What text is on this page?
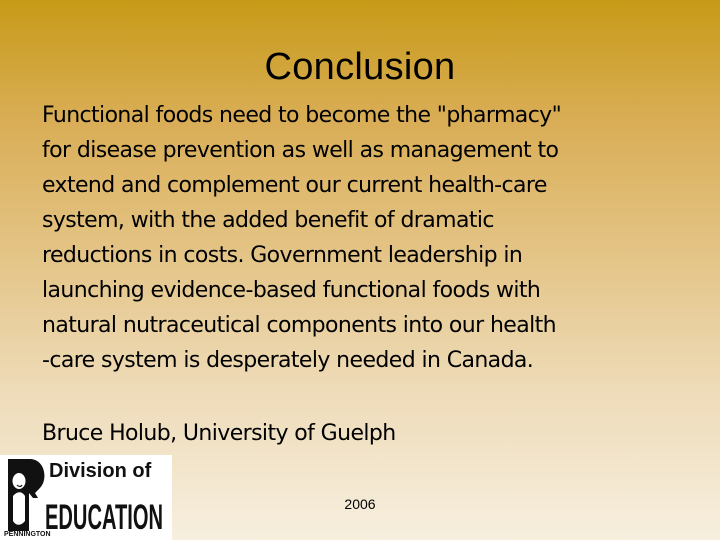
Conclusion
Functional foods need to become the "pharmacy"
for disease prevention as well as management to
extend and complement our current health-care
system, with the added benefit of dramatic
reductions in costs. Government leadership in
launching evidence-based functional foods with
natural nutraceutical components into our health
-care system is desperately needed in Canada.
Bruce Holub, University of Guelph
PENNINGTON
Division of
EDUCATION	2006
